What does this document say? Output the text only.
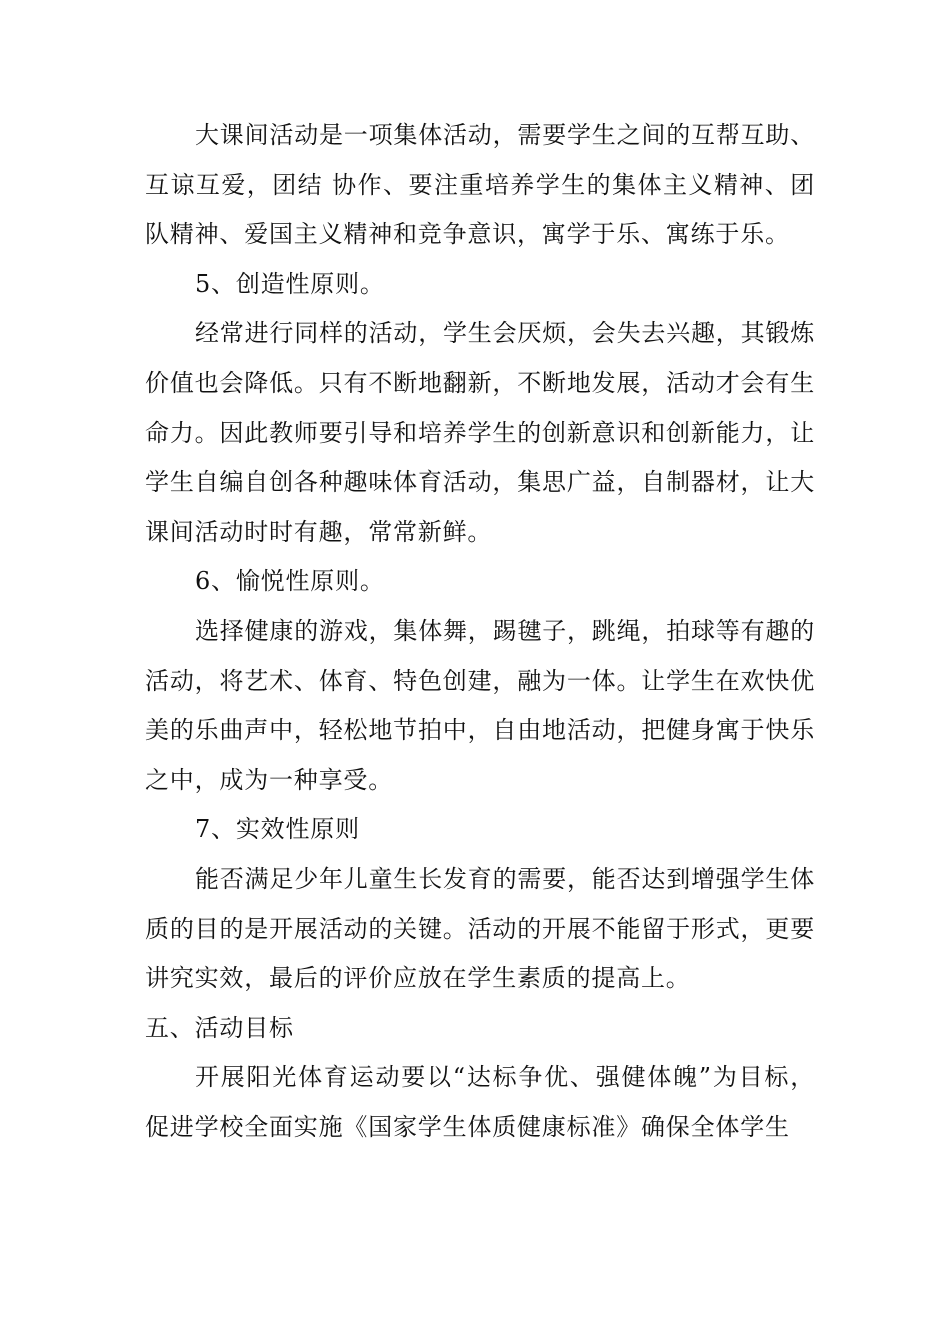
大课间活动是一项集体活动，需要学生之间的互帮互助、互谅互爱，团结 协作、要注重培养学生的集体主义精神、团队精神、爱国主义精神和竞争意识，寓学于乐、寓练于乐。

5、创造性原则。

经常进行同样的活动，学生会厌烦，会失去兴趣，其锻炼价值也会降低。只有不断地翻新，不断地发展，活动才会有生命力。因此教师要引导和培养学生的创新意识和创新能力，让学生自编自创各种趣味体育活动，集思广益，自制器材，让大课间活动时时有趣，常常新鲜。

6、愉悦性原则。

选择健康的游戏，集体舞，踢毽子，跳绳，拍球等有趣的活动，将艺术、体育、特色创建，融为一体。让学生在欢快优美的乐曲声中，轻松地节拍中，自由地活动，把健身寓于快乐之中，成为一种享受。

7、实效性原则

能否满足少年儿童生长发育的需要，能否达到增强学生体质的目的是开展活动的关键。活动的开展不能留于形式，更要讲究实效，最后的评价应放在学生素质的提高上。

五、活动目标

开展阳光体育运动要以“达标争优、强健体魄”为目标，促进学校全面实施《国家学生体质健康标准》确保全体学生
